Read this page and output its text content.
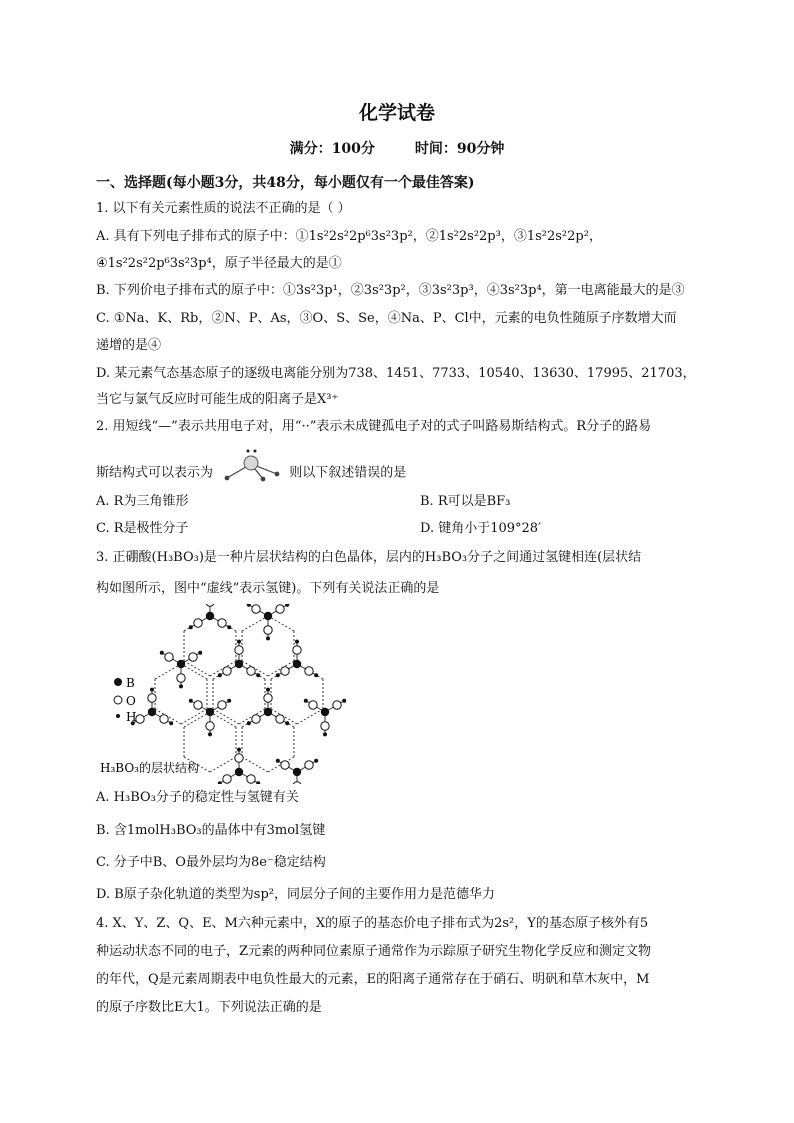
化学试卷
满分：100分	时间：90分钟
一、选择题(每小题3分，共48分，每小题仅有一个最佳答案)
1. 以下有关元素性质的说法不正确的是（ ）
A. 具有下列电子排布式的原子中：①1s²2s²2p⁶3s²3p²，②1s²2s²2p³，③1s²2s²2p²，
④1s²2s²2p⁶3s²3p⁴，原子半径最大的是①
B. 下列价电子排布式的原子中：①3s²3p¹，②3s²3p²，③3s²3p³，④3s²3p⁴，第一电离能最大的是③
C. ①Na、K、Rb，②N、P、As，③O、S、Se，④Na、P、Cl中，元素的电负性随原子序数增大而
递增的是④
D. 某元素气态基态原子的逐级电离能分别为738、1451、7733、10540、13630、17995、21703，
当它与氯气反应时可能生成的阳离子是X³⁺
2. 用短线“—”表示共用电子对，用“··”表示未成键孤电子对的式子叫路易斯结构式。R分子的路易
斯结构式可以表示为	则以下叙述错误的是
A. R为三角锥形	B. R可以是BF₃
C. R是极性分子	D. 键角小于109°28′
3. 正硼酸(H₃BO₃)是一种片层状结构的白色晶体，层内的H₃BO₃分子之间通过氢键相连(层状结
构如图所示，图中“虚线”表示氢键)。下列有关说法正确的是
B
O
H
H₃BO₃的层状结构
A. H₃BO₃分子的稳定性与氢键有关
B. 含1molH₃BO₃的晶体中有3mol氢键
C. 分子中B、O最外层均为8e⁻稳定结构
D. B原子杂化轨道的类型为sp²，同层分子间的主要作用力是范德华力
4. X、Y、Z、Q、E、M六种元素中，X的原子的基态价电子排布式为2s²，Y的基态原子核外有5
种运动状态不同的电子，Z元素的两种同位素原子通常作为示踪原子研究生物化学反应和测定文物
的年代，Q是元素周期表中电负性最大的元素，E的阳离子通常存在于硝石、明矾和草木灰中，M
的原子序数比E大1。下列说法正确的是
